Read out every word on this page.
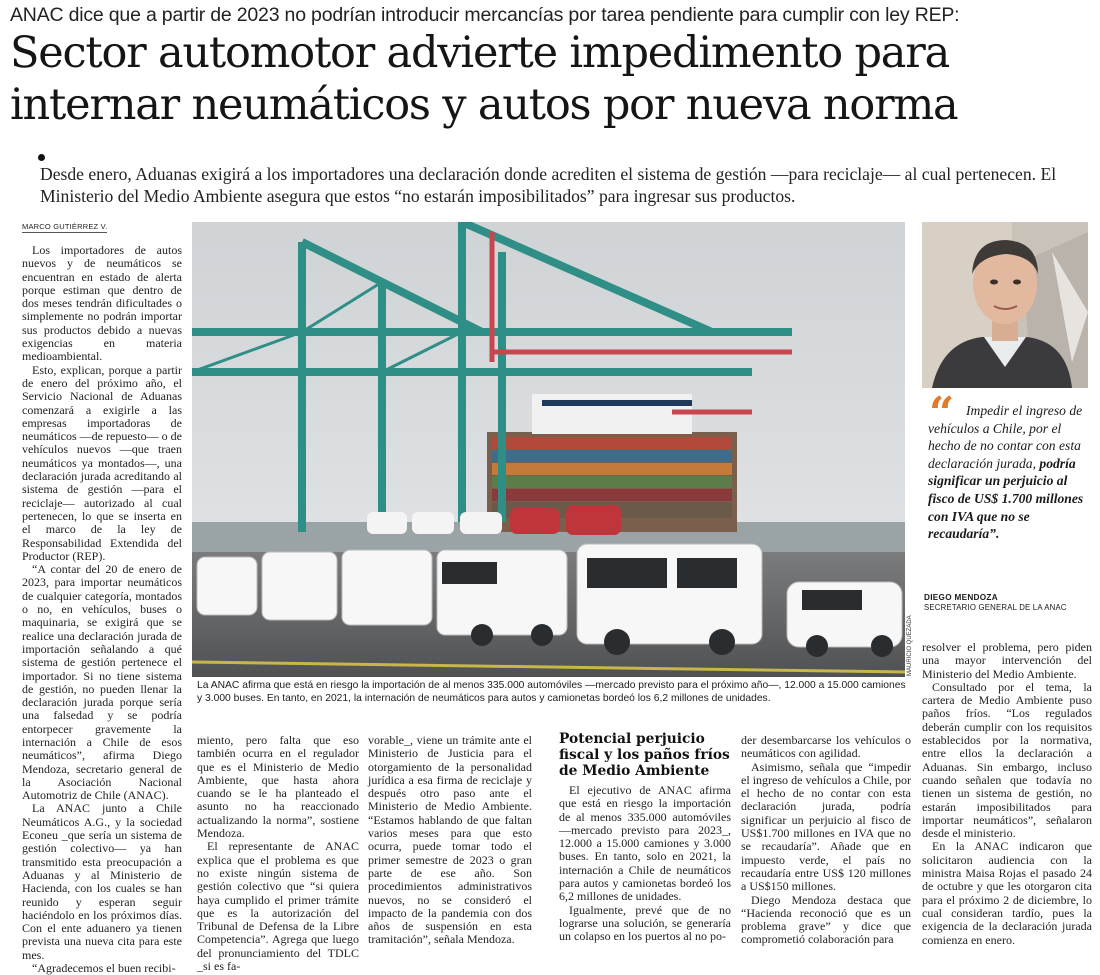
ANAC dice que a partir de 2023 no podrían introducir mercancías por tarea pendiente para cumplir con ley REP:
Sector automotor advierte impedimento para internar neumáticos y autos por nueva norma
Desde enero, Aduanas exigirá a los importadores una declaración donde acrediten el sistema de gestión —para reciclaje— al cual pertenecen. El Ministerio del Medio Ambiente asegura que estos “no estarán imposibilitados” para ingresar sus productos.
MARCO GUTIÉRREZ V.

Los importadores de autos nuevos y de neumáticos se encuentran en estado de alerta porque estiman que dentro de dos meses tendrán dificultades o simplemente no podrán importar sus productos debido a nuevas exigencias en materia medioambiental.

Esto, explican, porque a partir de enero del próximo año, el Servicio Nacional de Aduanas comenzará a exigirle a las empresas importadoras de neumáticos —de repuesto— o de vehículos nuevos —que traen neumáticos ya montados—, una declaración jurada acreditando al sistema de gestión —para el reciclaje— autorizado al cual pertenecen, lo que se inserta en el marco de la ley de Responsabilidad Extendida del Productor (REP).

“A contar del 20 de enero de 2023, para importar neumáticos de cualquier categoría, montados o no, en vehículos, buses o maquinaria, se exigirá que se realice una declaración jurada de importación señalando a qué sistema de gestión pertenece el importador. Si no tiene sistema de gestión, no pueden llenar la declaración jurada porque sería una falsedad y se podría entorpecer gravemente la internación a Chile de esos neumáticos”, afirma Diego Mendoza, secretario general de la Asociación Nacional Automotriz de Chile (ANAC).

La ANAC junto a Chile Neumáticos A.G., y la sociedad Econeu _que sería un sistema de gestión colectivo— ya han transmitido esta preocupación a Aduanas y al Ministerio de Hacienda, con los cuales se han reunido y esperan seguir haciéndolo en los próximos días. Con el ente aduanero ya tienen prevista una nueva cita para este mes.

“Agradecemos el buen recibi-

MAURICIO QUEZADA
La ANAC afirma que está en riesgo la importación de al menos 335.000 automóviles —mercado previsto para el próximo año—, 12.000 a 15.000 camiones y 3.000 buses. En tanto, en 2021, la internación de neumáticos para autos y camionetas bordeó los 6,2 millones de unidades.
“ Impedir el ingreso de vehículos a Chile, por el hecho de no contar con esta declaración jurada, podría significar un perjuicio al fisco de US$ 1.700 millones con IVA que no se recaudaría”.
DIEGO MENDOZA
SECRETARIO GENERAL DE LA ANAC

miento, pero falta que eso también ocurra en el regulador que es el Ministerio de Medio Ambiente, que hasta ahora cuando se le ha planteado el asunto no ha reaccionado actualizando la norma”, sostiene Mendoza.

El representante de ANAC explica que el problema es que no existe ningún sistema de gestión colectivo que “si quiera haya cumplido el primer trámite que es la autorización del Tribunal de Defensa de la Libre Competencia”. Agrega que luego del pronunciamiento del TDLC _si es fa-

vorable_, viene un trámite ante el Ministerio de Justicia para el otorgamiento de la personalidad jurídica a esa firma de reciclaje y después otro paso ante el Ministerio de Medio Ambiente. “Estamos hablando de que faltan varios meses para que esto ocurra, puede tomar todo el primer semestre de 2023 o gran parte de ese año. Son procedimientos administrativos nuevos, no se consideró el impacto de la pandemia con dos años de suspensión en esta tramitación”, señala Mendoza.

Potencial perjuicio fiscal y los paños fríos de Medio Ambiente

El ejecutivo de ANAC afirma que está en riesgo la importación de al menos 335.000 automóviles —mercado previsto para 2023_, 12.000 a 15.000 camiones y 3.000 buses. En tanto, solo en 2021, la internación a Chile de neumáticos para autos y camionetas bordeó los 6,2 millones de unidades.

Igualmente, prevé que de no lograrse una solución, se generaría un colapso en los puertos al no po-

der desembarcarse los vehículos o neumáticos con agilidad.

Asimismo, señala que “impedir el ingreso de vehículos a Chile, por el hecho de no contar con esta declaración jurada, podría significar un perjuicio al fisco de US$1.700 millones en IVA que no se recaudaría”. Añade que en impuesto verde, el país no recaudaría entre US$ 120 millones a US$150 millones.

Diego Mendoza destaca que “Hacienda reconoció que es un problema grave” y dice que comprometió colaboración para

resolver el problema, pero piden una mayor intervención del Ministerio del Medio Ambiente.

Consultado por el tema, la cartera de Medio Ambiente puso paños fríos. “Los regulados deberán cumplir con los requisitos establecidos por la normativa, entre ellos la declaración a Aduanas. Sin embargo, incluso cuando señalen que todavía no tienen un sistema de gestión, no estarán imposibilitados para importar neumáticos”, señalaron desde el ministerio.

En la ANAC indicaron que solicitaron audiencia con la ministra Maisa Rojas el pasado 24 de octubre y que les otorgaron cita para el próximo 2 de diciembre, lo cual consideran tardío, pues la exigencia de la declaración jurada comienza en enero.
